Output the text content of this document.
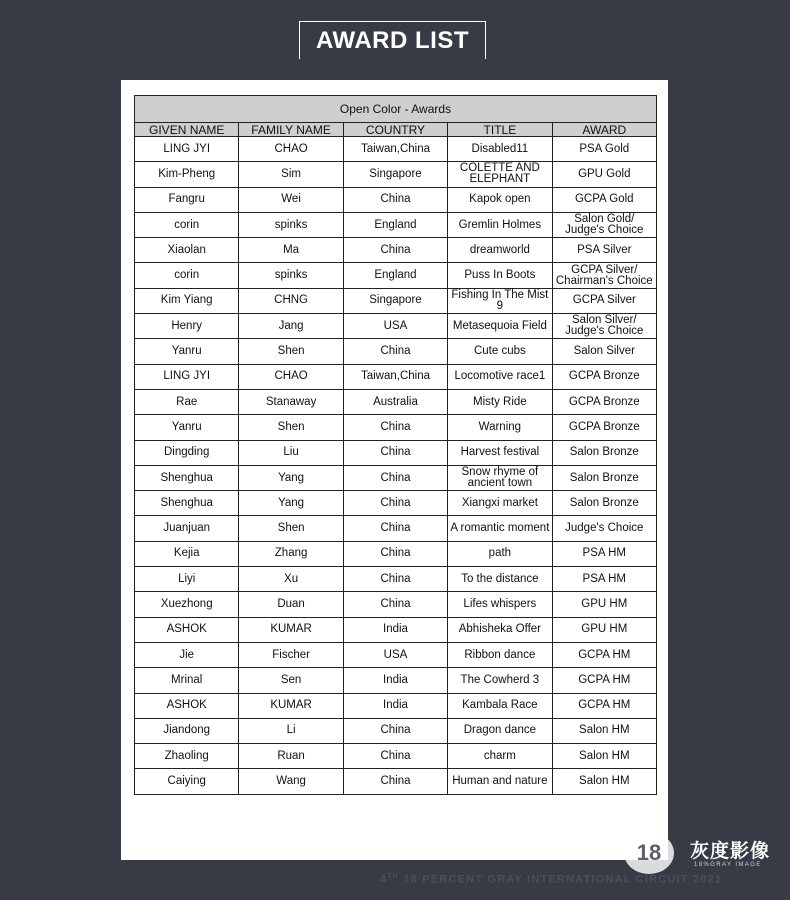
AWARD LIST
Open Color - Awards				
GIVEN NAME	FAMILY NAME	COUNTRY	TITLE	AWARD
LING JYI	CHAO	Taiwan,China	Disabled11	PSA Gold
Kim-Pheng	Sim	Singapore	COLETTE AND ELEPHANT	GPU Gold
Fangru	Wei	China	Kapok open	GCPA Gold
corin	spinks	England	Gremlin Holmes	Salon Gold/ Judge's Choice
Xiaolan	Ma	China	dreamworld	PSA Silver
corin	spinks	England	Puss In Boots	GCPA Silver/ Chairman's Choice
Kim Yiang	CHNG	Singapore	Fishing In The Mist 9	GCPA Silver
Henry	Jang	USA	Metasequoia Field	Salon Silver/ Judge's Choice
Yanru	Shen	China	Cute cubs	Salon Silver
LING JYI	CHAO	Taiwan,China	Locomotive race1	GCPA Bronze
Rae	Stanaway	Australia	Misty Ride	GCPA Bronze
Yanru	Shen	China	Warning	GCPA Bronze
Dingding	Liu	China	Harvest festival	Salon Bronze
Shenghua	Yang	China	Snow rhyme of ancient town	Salon Bronze
Shenghua	Yang	China	Xiangxi market	Salon Bronze
Juanjuan	Shen	China	A romantic moment	Judge's Choice
Kejia	Zhang	China	path	PSA HM
Liyi	Xu	China	To the distance	PSA HM
Xuezhong	Duan	China	Lifes whispers	GPU HM
ASHOK	KUMAR	India	Abhisheka Offer	GPU HM
Jie	Fischer	USA	Ribbon dance	GCPA HM
Mrinal	Sen	India	The Cowherd 3	GCPA HM
ASHOK	KUMAR	India	Kambala Race	GCPA HM
Jiandong	Li	China	Dragon dance	Salon HM
Zhaoling	Ruan	China	charm	Salon HM
Caiying	Wang	China	Human and nature	Salon HM
18	灰度影像
18%GRAY IMAGE
4TH 18 PERCENT GRAY INTERNATIONAL CIRCUIT 2021
